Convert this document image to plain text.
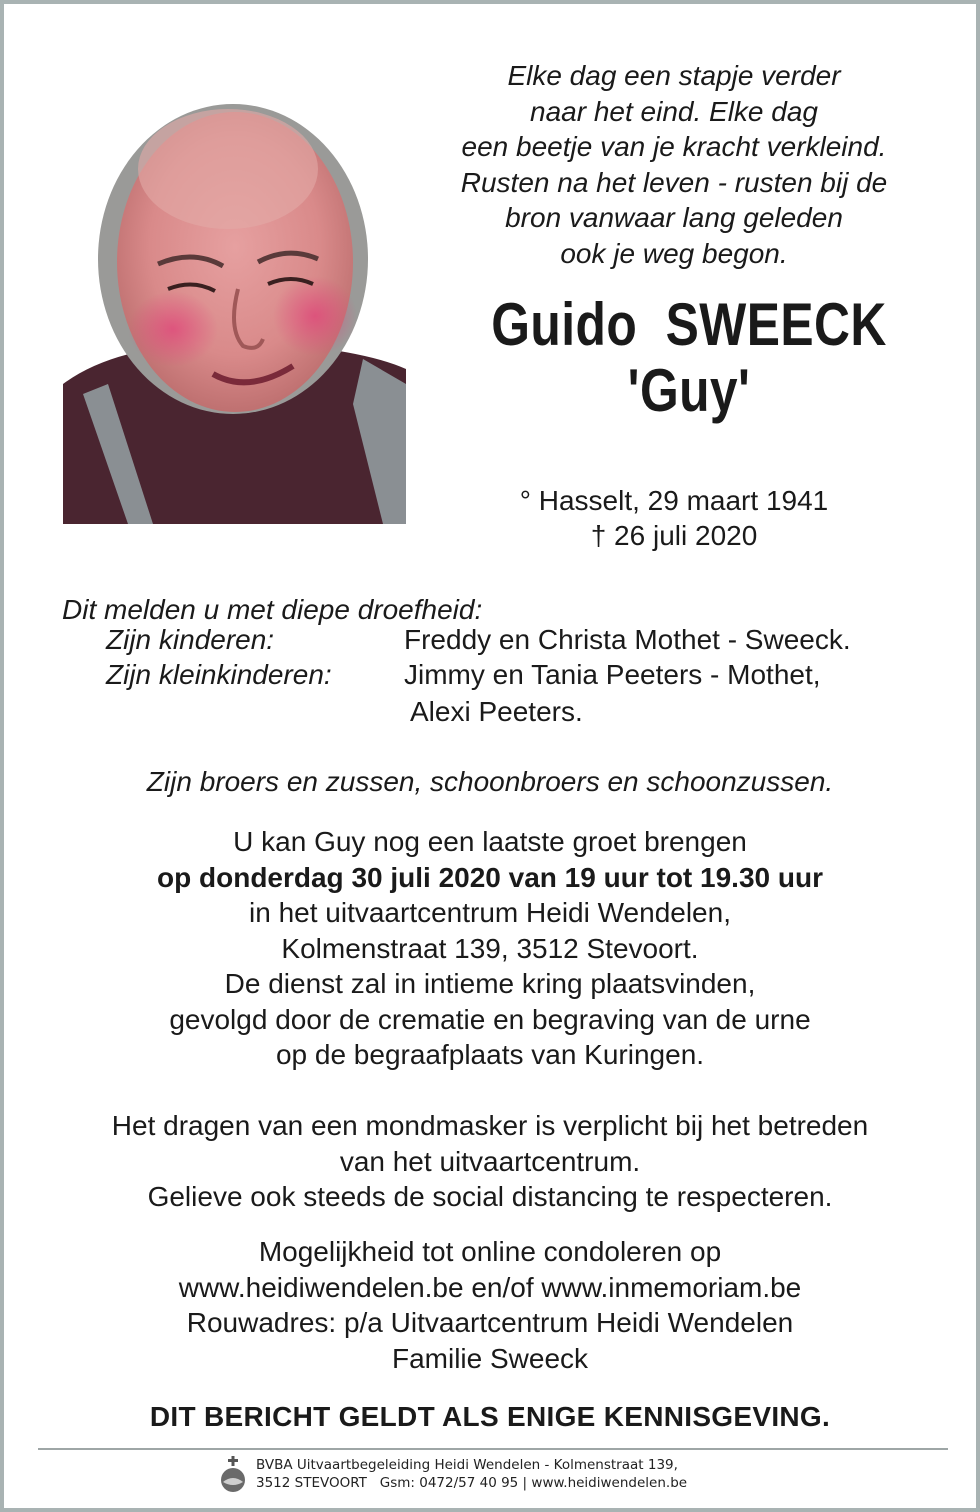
Elke dag een stapje verder
naar het eind. Elke dag
een beetje van je kracht verkleind.
Rusten na het leven - rusten bij de
bron vanwaar lang geleden
ook je weg begon.
Guido  SWEECK
'Guy'
° Hasselt, 29 maart 1941
† 26 juli 2020
Dit melden u met diepe droefheid:
Zijn kinderen:	Freddy en Christa Mothet - Sweeck.
Zijn kleinkinderen:	Jimmy en Tania Peeters - Mothet,
Alexi Peeters.
Zijn broers en zussen, schoonbroers en schoonzussen.
U kan Guy nog een laatste groet brengen
op donderdag 30 juli 2020 van 19 uur tot 19.30 uur
in het uitvaartcentrum Heidi Wendelen,
Kolmenstraat 139, 3512 Stevoort.
De dienst zal in intieme kring plaatsvinden,
gevolgd door de crematie en begraving van de urne
op de begraafplaats van Kuringen.
Het dragen van een mondmasker is verplicht bij het betreden
van het uitvaartcentrum.
Gelieve ook steeds de social distancing te respecteren.
Mogelijkheid tot online condoleren op
www.heidiwendelen.be en/of www.inmemoriam.be
Rouwadres: p/a Uitvaartcentrum Heidi Wendelen
Familie Sweeck
DIT BERICHT GELDT ALS ENIGE KENNISGEVING.
BVBA Uitvaartbegeleiding Heidi Wendelen - Kolmenstraat 139,
3512 STEVOORT   Gsm: 0472/57 40 95 | www.heidiwendelen.be
